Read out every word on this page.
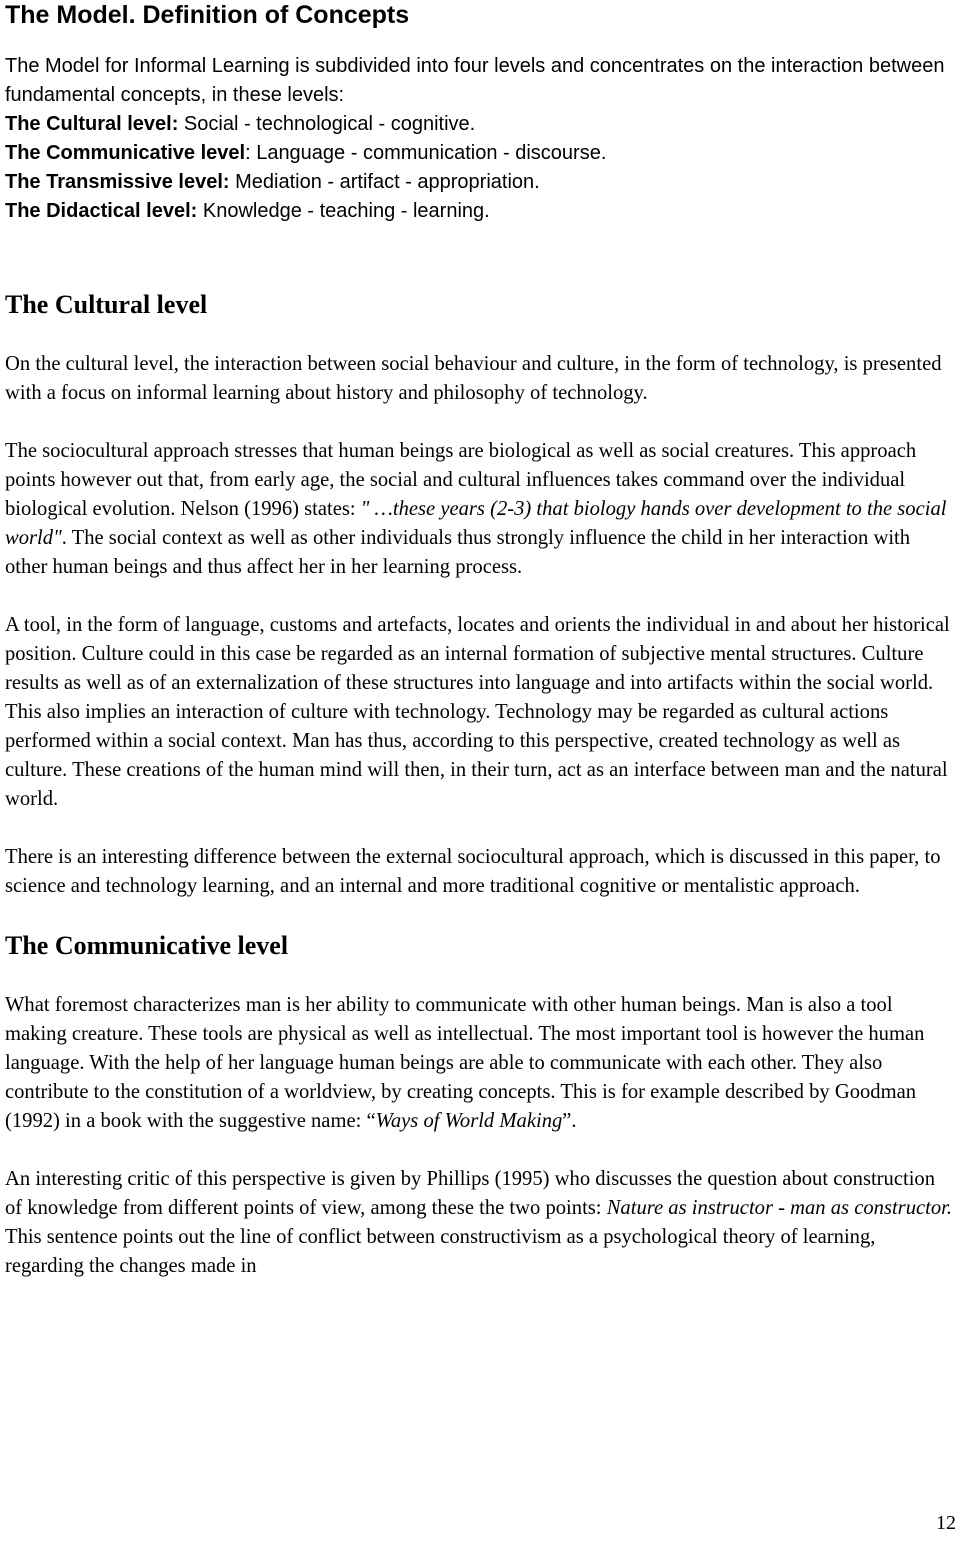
The Model. Definition of Concepts

The Model for Informal Learning is subdivided into four levels and concentrates on the interaction between fundamental concepts, in these levels:

The Cultural level: Social - technological - cognitive.

The Communicative level: Language - communication - discourse.

The Transmissive level: Mediation - artifact - appropriation.

The Didactical level: Knowledge - teaching - learning.

The Cultural level

On the cultural level, the interaction between social behaviour and culture, in the form of technology, is presented with a focus on informal learning about history and philosophy of technology.

The sociocultural approach stresses that human beings are biological as well as social creatures. This approach points however out that, from early age, the social and cultural influences takes command over the individual biological evolution. Nelson (1996) states: " …these years (2-3) that biology hands over development to the social world". The social context as well as other individuals thus strongly influence the child in her interaction with other human beings and thus affect her in her learning process.

A tool, in the form of language, customs and artefacts, locates and orients the individual in and about her historical position. Culture could in this case be regarded as an internal formation of subjective mental structures. Culture results as well as of an externalization of these structures into language and into artifacts within the social world. This also implies an interaction of culture with technology. Technology may be regarded as cultural actions performed within a social context. Man has thus, according to this perspective, created technology as well as culture. These creations of the human mind will then, in their turn, act as an interface between man and the natural world.

There is an interesting difference between the external sociocultural approach, which is discussed in this paper, to science and technology learning, and an internal and more traditional cognitive or mentalistic approach.

The Communicative level

What foremost characterizes man is her ability to communicate with other human beings. Man is also a tool making creature. These tools are physical as well as intellectual. The most important tool is however the human language. With the help of her language human beings are able to communicate with each other. They also contribute to the constitution of a worldview, by creating concepts. This is for example described by Goodman (1992) in a book with the suggestive name: “Ways of World Making”.

An interesting critic of this perspective is given by Phillips (1995) who discusses the question about construction of knowledge from different points of view, among these the two points: Nature as instructor - man as constructor. This sentence points out the line of conflict between constructivism as a psychological theory of learning, regarding the changes made in

12
